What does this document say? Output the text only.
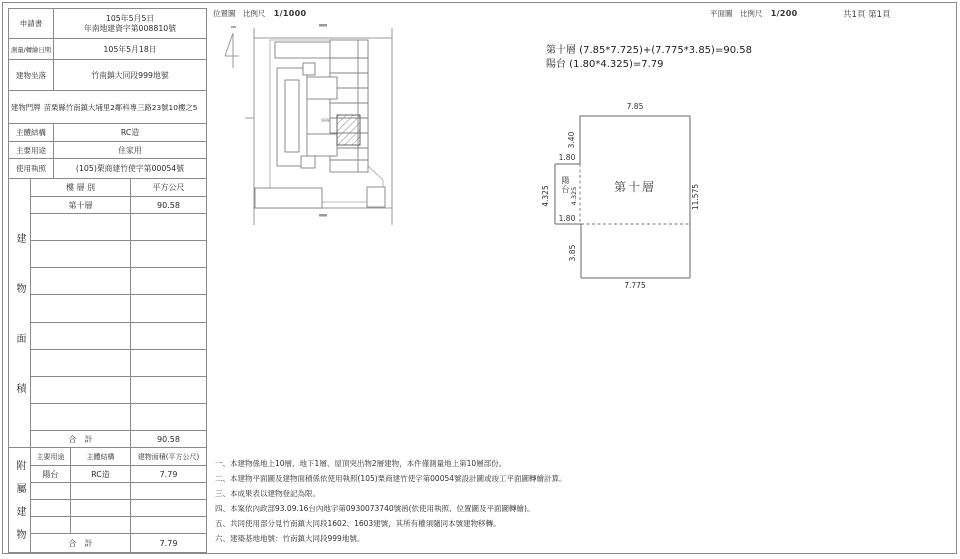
申請書
105年5月5日
年南地建資字第008810號
測量/轉繪日期	105年5月18日
建物坐落	竹南鎮大同段999地號
建物門牌 苗栗縣竹南鎮大埔里2鄰科專三路23號10樓之5
主體結構	RC造
主要用途	住家用
使用執照	(105)栗商建竹使字第00054號
建物面積
樓 層 別	平方公尺
第十層	90.58
合　計	90.58
附屬建物
主要用途	主體結構	建物面積(平方公尺)
陽台	RC造	7.79
合　計	7.79
位置圖 比例尺 1/1000	平面圖 比例尺 1/200	共1頁 第1頁
999
第十層 (7.85*7.725)+(7.775*3.85)=90.58
陽台 (1.80*4.325)=7.79
7.85
3.40
1.80
4.325	4.325
1.80
3.85
7.775
11.575
第十層
陽台
一、本建物係地上10層、地下1層、屋頂突出物2層建物，本件僅測量地上第10層部份。
二、本建物平面圖及建物面積係依使用執照(105)栗商建竹使字第00054號設計圖或竣工平面圖轉繪計算。
三、本成果表以建物登記為限。
四、本案依內政部93.09.16台內地字第0930073740號函(依使用執照、位置圖及平面圖轉繪)。
五、共同使用部分見竹南鎮大同段1602、1603建號，其所有權須隨同本號建物移轉。
六、建築基地地號：竹南鎮大同段999地號。
